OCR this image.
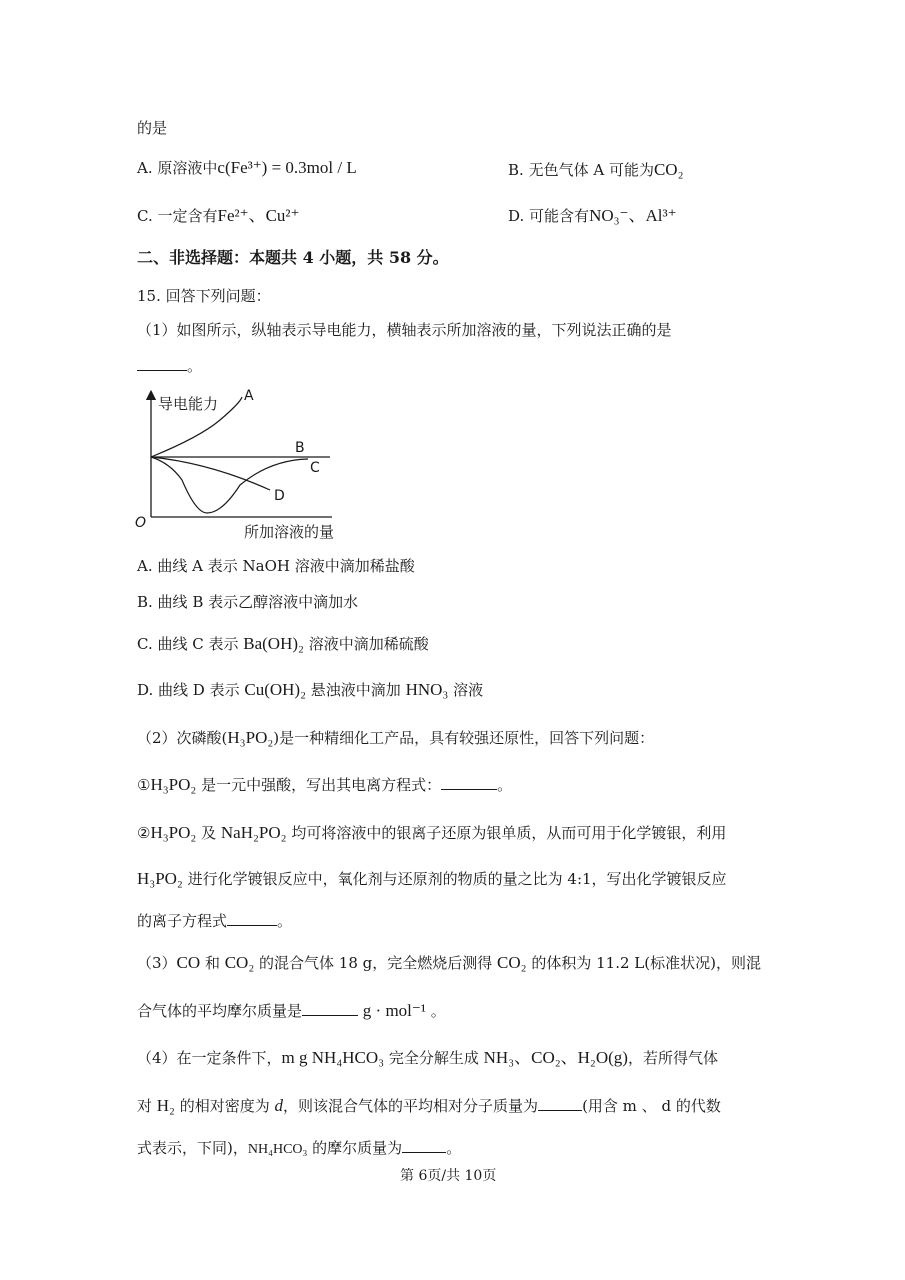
的是
A. 原溶液中c(Fe³⁺) = 0.3mol / L	B. 无色气体 A 可能为CO₂
C. 一定含有Fe²⁺、Cu²⁺	D. 可能含有NO₃⁻、Al³⁺
二、非选择题：本题共 4 小题，共 58 分。
15. 回答下列问题：
（1）如图所示，纵轴表示导电能力，横轴表示所加溶液的量，下列说法正确的是
。
导电能力
O	所加溶液的量
A
B
C
D
A. 曲线 A 表示 NaOH 溶液中滴加稀盐酸
B. 曲线 B 表示乙醇溶液中滴加水
C. 曲线 C 表示 Ba(OH)₂ 溶液中滴加稀硫酸
D. 曲线 D 表示 Cu(OH)₂ 悬浊液中滴加 HNO₃ 溶液
（2）次磷酸(H₃PO₂)是一种精细化工产品，具有较强还原性，回答下列问题：
①H₃PO₂ 是一元中强酸，写出其电离方程式：	。
②H₃PO₂ 及 NaH₂PO₂ 均可将溶液中的银离子还原为银单质，从而可用于化学镀银，利用
H₃PO₂ 进行化学镀银反应中，氧化剂与还原剂的物质的量之比为 4:1，写出化学镀银反应
的离子方程式	。
（3）CO 和 CO₂ 的混合气体 18 g，完全燃烧后测得 CO₂ 的体积为 11.2 L(标准状况)，则混
合气体的平均摩尔质量是	g · mol⁻¹ 。
（4）在一定条件下，m g NH₄HCO₃ 完全分解生成 NH₃、CO₂、H₂O(g)，若所得气体
对 H₂ 的相对密度为 d，则该混合气体的平均相对分子质量为	(用含 m 、 d 的代数
式表示，下同)，NH₄HCO₃ 的摩尔质量为	。
第 6页/共 10页
